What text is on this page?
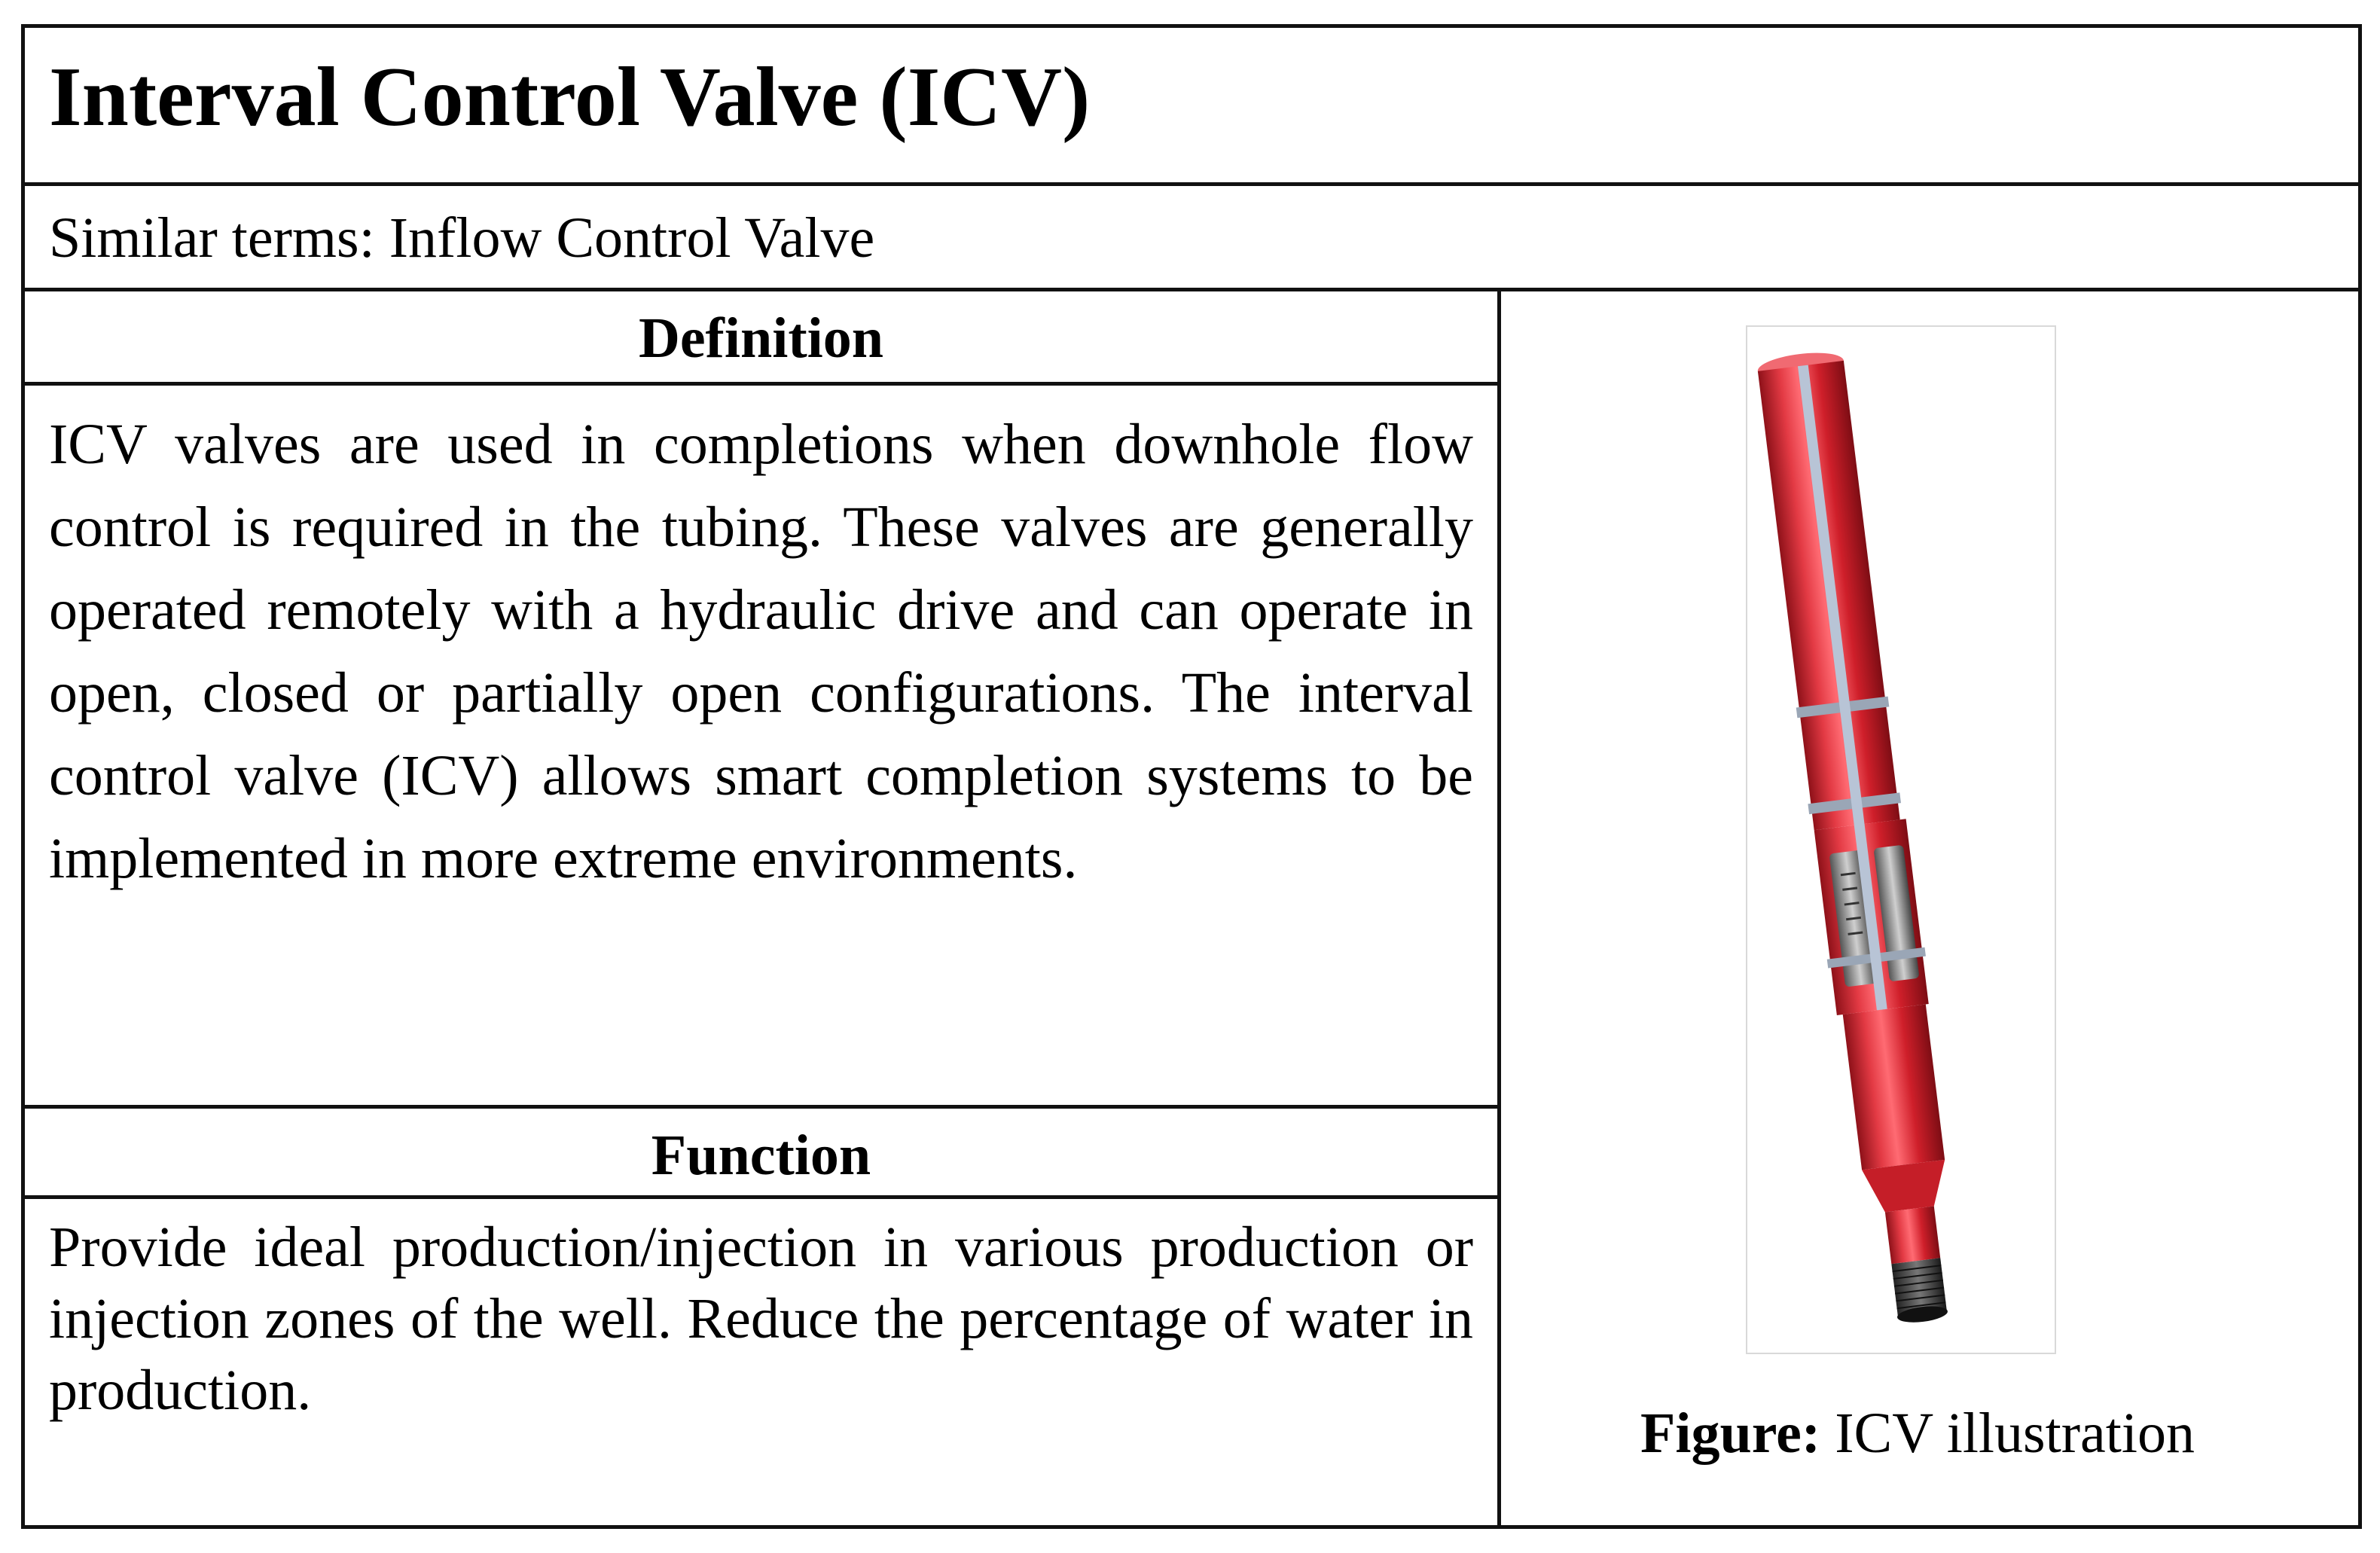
Interval Control Valve (ICV)
Similar terms: Inflow Control Valve
Definition
ICV valves are used in completions when downhole flow control is required in the tubing. These valves are generally operated remotely with a hydraulic drive and can operate in open, closed or partially open configurations. The interval control valve (ICV) allows smart completion systems to be implemented in more extreme environments.
Function
Provide ideal production/injection in various production or injection zones of the well. Reduce the percentage of water in production.
Figure: ICV illustration
